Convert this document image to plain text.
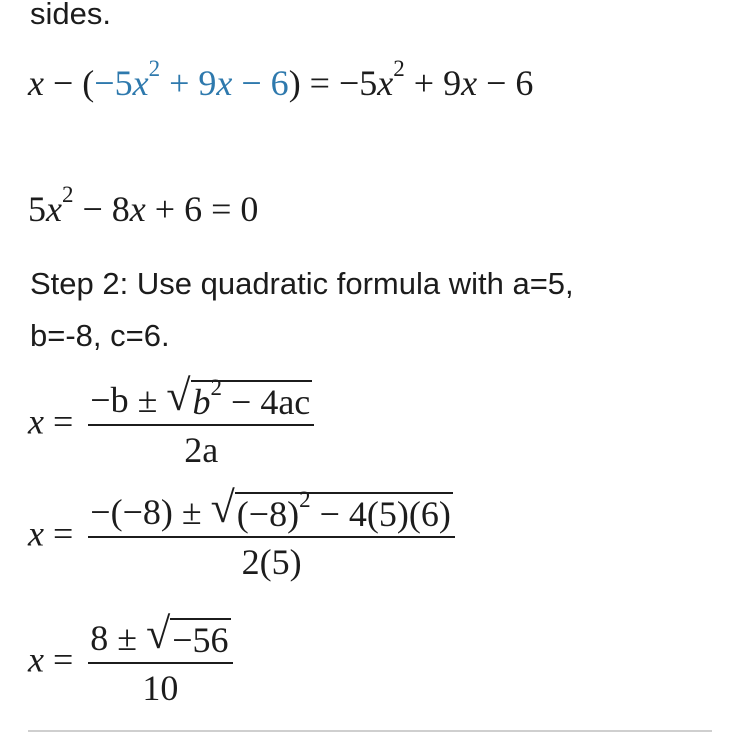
sides.
$x - (-5x^2 + 9x - 6) = -5x^2 + 9x - 6$
$5x^2 - 8x + 6 = 0$
Step 2: Use quadratic formula with a=5,
b=-8, c=6.
$x = \frac{-b \pm √ b^2 - 4ac}{2a}$
$x = \frac{-(-8) \pm √ (-8)^2 - 4(5)(6)}{2(5)}$
$x = \frac{8 \pm √ -56}{10}$
